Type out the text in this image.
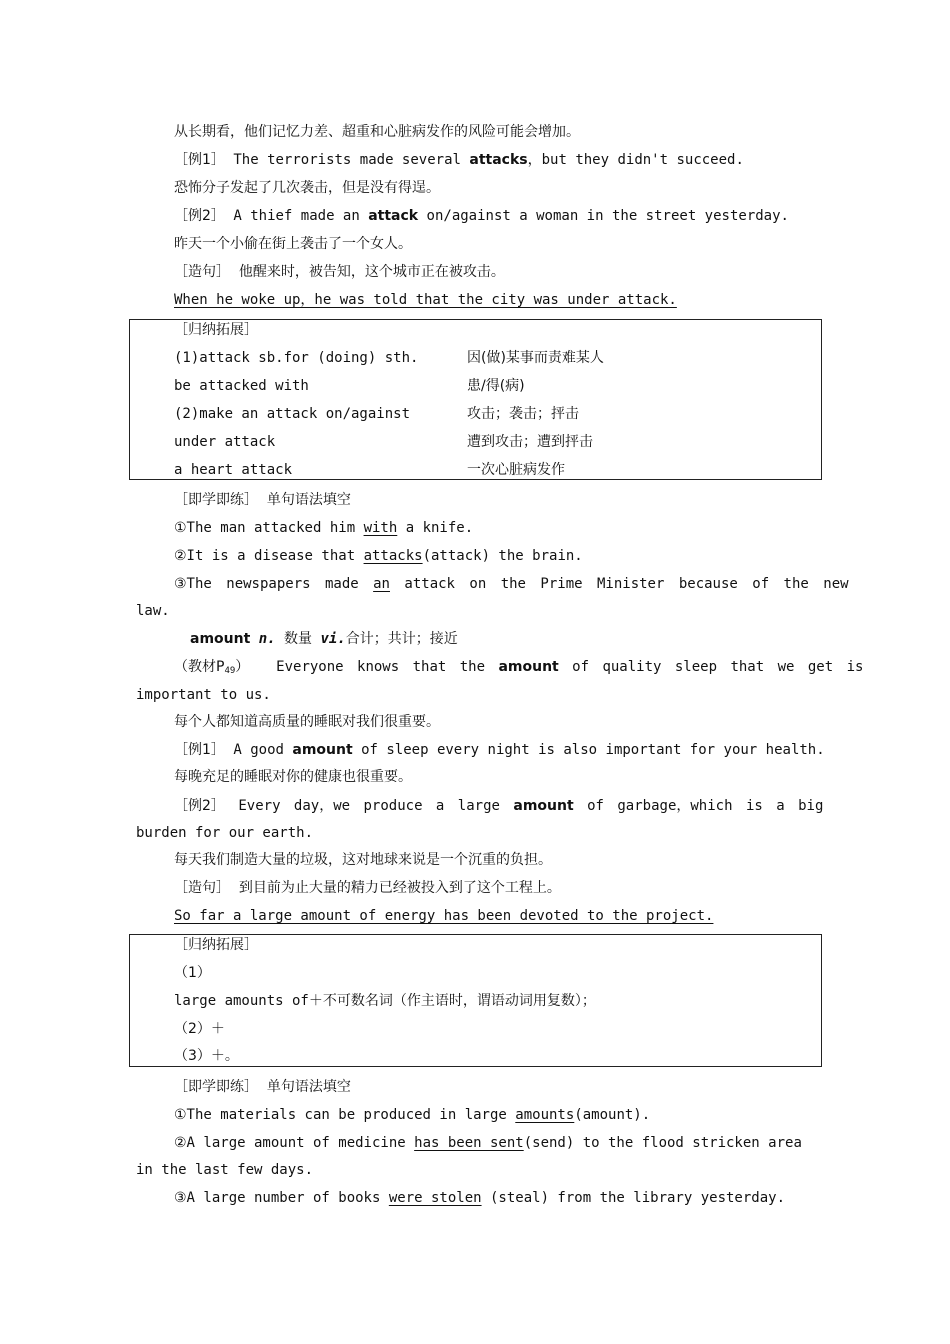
从长期看，他们记忆力差、超重和心脏病发作的风险可能会增加。
［例1］ The terrorists made several attacks，but they didn't succeed.
恐怖分子发起了几次袭击，但是没有得逞。
［例2］ A thief made an attack on/against a woman in the street yesterday.
昨天一个小偷在街上袭击了一个女人。
［造句］ 他醒来时，被告知，这个城市正在被攻击。
When he woke up，he was told that the city was under attack.
［归纳拓展］
(1)attack sb.for (doing) sth.	因(做)某事而责难某人
be attacked with	患/得(病)
(2)make an attack on/against	攻击；袭击；抨击
under attack	遭到攻击；遭到抨击
a heart attack	一次心脏病发作
［即学即练］ 单句语法填空
①The man attacked him with a knife.
②It is a disease that attacks(attack) the brain.
③The newspapers made an attack on the Prime Minister because of the new
law.
amount n. 数量 vi.合计；共计；接近
（教材$P_{49}$） Everyone knows that the amount of quality sleep that we get is
important to us.
每个人都知道高质量的睡眠对我们很重要。
［例1］ A good amount of sleep every night is also important for your health.
每晚充足的睡眠对你的健康也很重要。
［例2］ Every day，we produce a large amount of garbage，which is a big
burden for our earth.
每天我们制造大量的垃圾，这对地球来说是一个沉重的负担。
［造句］ 到目前为止大量的精力已经被投入到了这个工程上。
So far a large amount of energy has been devoted to the project.
［归纳拓展］
（1）
large amounts of＋不可数名词（作主语时，谓语动词用复数）；
（2）＋
（3）＋。
［即学即练］ 单句语法填空
①The materials can be produced in large amounts(amount).
②A large amount of medicine has been sent(send) to the flood stricken area
in the last few days.
③A large number of books were stolen (steal) from the library yesterday.
